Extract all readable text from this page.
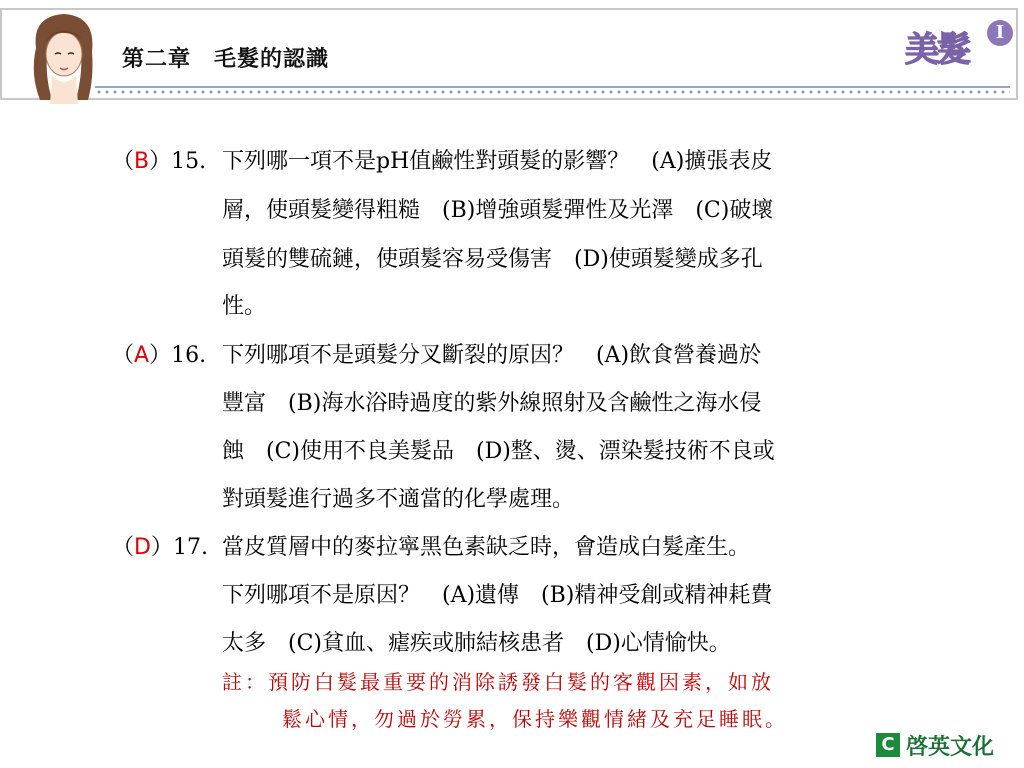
第二章　毛髮的認識	美髮	I
（B）15. 下列哪一項不是pH值鹼性對頭髮的影響？　(A)擴張表皮
層，使頭髮變得粗糙　(B)增強頭髮彈性及光澤　(C)破壞
頭髮的雙硫鏈，使頭髮容易受傷害　(D)使頭髮變成多孔
性。
（A）16. 下列哪項不是頭髮分叉斷裂的原因？　(A)飲食營養過於
豐富　(B)海水浴時過度的紫外線照射及含鹼性之海水侵
蝕　(C)使用不良美髮品　(D)整、燙、漂染髮技術不良或
對頭髮進行過多不適當的化學處理。
（D）17. 當皮質層中的麥拉寧黑色素缺乏時，會造成白髮產生。
下列哪項不是原因？　(A)遺傳　(B)精神受創或精神耗費
太多　(C)貧血、瘧疾或肺結核患者　(D)心情愉快。
註：預防白髮最重要的消除誘發白髮的客觀因素，如放
鬆心情，勿過於勞累，保持樂觀情緒及充足睡眠。
C 啓英文化
